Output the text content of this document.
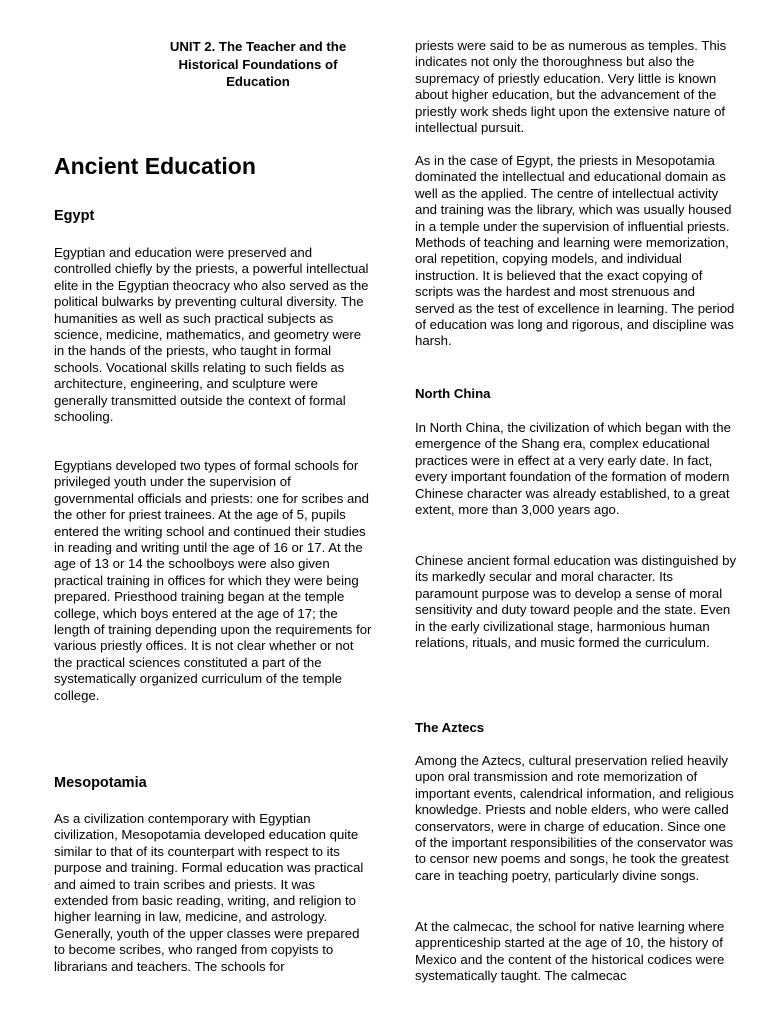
UNIT 2. The Teacher and the Historical Foundations of Education
Ancient Education
Egypt

Egyptian and education were preserved and controlled chiefly by the priests, a powerful intellectual elite in the Egyptian theocracy who also served as the political bulwarks by preventing cultural diversity. The humanities as well as such practical subjects as science, medicine, mathematics, and geometry were in the hands of the priests, who taught in formal schools. Vocational skills relating to such fields as architecture, engineering, and sculpture were generally transmitted outside the context of formal schooling.

Egyptians developed two types of formal schools for privileged youth under the supervision of governmental officials and priests: one for scribes and the other for priest trainees. At the age of 5, pupils entered the writing school and continued their studies in reading and writing until the age of 16 or 17. At the age of 13 or 14 the schoolboys were also given practical training in offices for which they were being prepared. Priesthood training began at the temple college, which boys entered at the age of 17; the length of training depending upon the requirements for various priestly offices. It is not clear whether or not the practical sciences constituted a part of the systematically organized curriculum of the temple college.

Mesopotamia

As a civilization contemporary with Egyptian civilization, Mesopotamia developed education quite similar to that of its counterpart with respect to its purpose and training. Formal education was practical and aimed to train scribes and priests. It was extended from basic reading, writing, and religion to higher learning in law, medicine, and astrology. Generally, youth of the upper classes were prepared to become scribes, who ranged from copyists to librarians and teachers. The schools for

priests were said to be as numerous as temples. This indicates not only the thoroughness but also the supremacy of priestly education. Very little is known about higher education, but the advancement of the priestly work sheds light upon the extensive nature of intellectual pursuit.

As in the case of Egypt, the priests in Mesopotamia dominated the intellectual and educational domain as well as the applied. The centre of intellectual activity and training was the library, which was usually housed in a temple under the supervision of influential priests. Methods of teaching and learning were memorization, oral repetition, copying models, and individual instruction. It is believed that the exact copying of scripts was the hardest and most strenuous and served as the test of excellence in learning. The period of education was long and rigorous, and discipline was harsh.

North China

In North China, the civilization of which began with the emergence of the Shang era, complex educational practices were in effect at a very early date. In fact, every important foundation of the formation of modern Chinese character was already established, to a great extent, more than 3,000 years ago.

Chinese ancient formal education was distinguished by its markedly secular and moral character. Its paramount purpose was to develop a sense of moral sensitivity and duty toward people and the state. Even in the early civilizational stage, harmonious human relations, rituals, and music formed the curriculum.

The Aztecs

Among the Aztecs, cultural preservation relied heavily upon oral transmission and rote memorization of important events, calendrical information, and religious knowledge. Priests and noble elders, who were called conservators, were in charge of education. Since one of the important responsibilities of the conservator was to censor new poems and songs, he took the greatest care in teaching poetry, particularly divine songs.

At the calmecac, the school for native learning where apprenticeship started at the age of 10, the history of Mexico and the content of the historical codices were systematically taught. The calmecac
